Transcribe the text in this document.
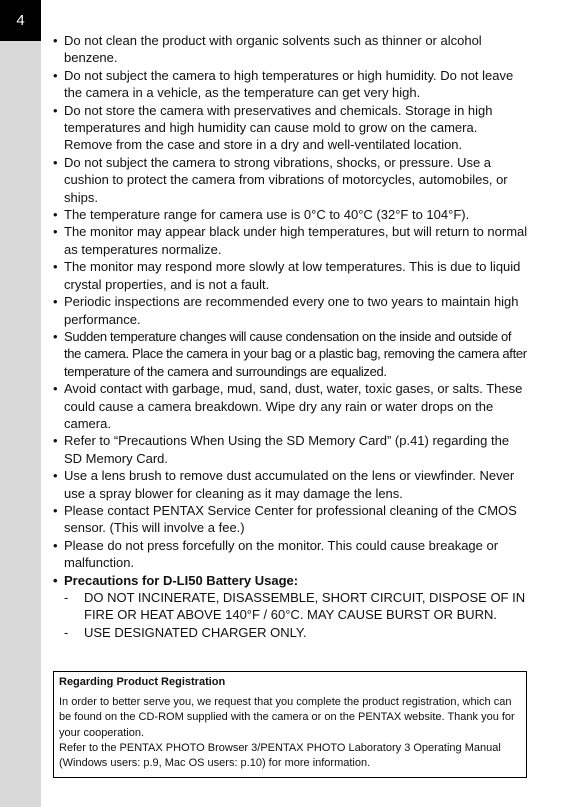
4
• Do not clean the product with organic solvents such as thinner or alcohol benzene.
• Do not subject the camera to high temperatures or high humidity. Do not leave the camera in a vehicle, as the temperature can get very high.
• Do not store the camera with preservatives and chemicals. Storage in high temperatures and high humidity can cause mold to grow on the camera. Remove from the case and store in a dry and well-ventilated location.
• Do not subject the camera to strong vibrations, shocks, or pressure. Use a cushion to protect the camera from vibrations of motorcycles, automobiles, or ships.
• The temperature range for camera use is 0°C to 40°C (32°F to 104°F).
• The monitor may appear black under high temperatures, but will return to normal as temperatures normalize.
• The monitor may respond more slowly at low temperatures. This is due to liquid crystal properties, and is not a fault.
• Periodic inspections are recommended every one to two years to maintain high performance.
• Sudden temperature changes will cause condensation on the inside and outside of the camera. Place the camera in your bag or a plastic bag, removing the camera after temperature of the camera and surroundings are equalized.
• Avoid contact with garbage, mud, sand, dust, water, toxic gases, or salts. These could cause a camera breakdown. Wipe dry any rain or water drops on the camera.
• Refer to “Precautions When Using the SD Memory Card” (p.41) regarding the SD Memory Card.
• Use a lens brush to remove dust accumulated on the lens or viewfinder. Never use a spray blower for cleaning as it may damage the lens.
• Please contact PENTAX Service Center for professional cleaning of the CMOS sensor. (This will involve a fee.)
• Please do not press forcefully on the monitor. This could cause breakage or malfunction.
• Precautions for D-LI50 Battery Usage:
- DO NOT INCINERATE, DISASSEMBLE, SHORT CIRCUIT, DISPOSE OF IN FIRE OR HEAT ABOVE 140°F / 60°C. MAY CAUSE BURST OR BURN.
- USE DESIGNATED CHARGER ONLY.
Regarding Product Registration
In order to better serve you, we request that you complete the product registration, which can be found on the CD-ROM supplied with the camera or on the PENTAX website. Thank you for your cooperation.
Refer to the PENTAX PHOTO Browser 3/PENTAX PHOTO Laboratory 3 Operating Manual (Windows users: p.9, Mac OS users: p.10) for more information.
